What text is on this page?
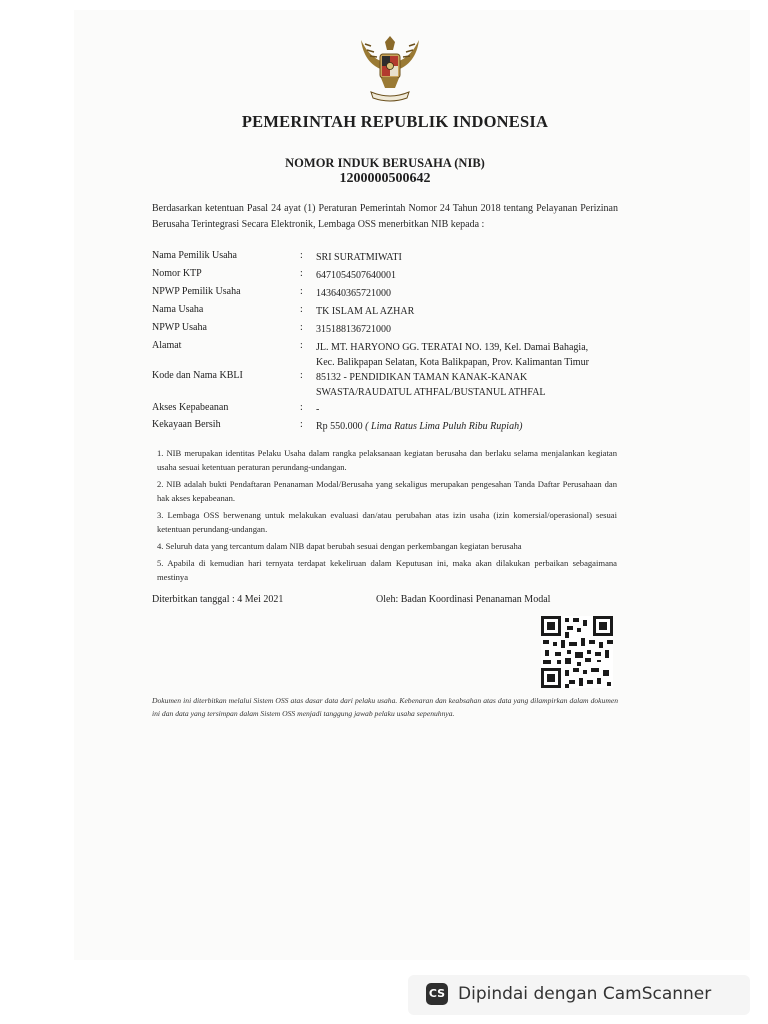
PEMERINTAH REPUBLIK INDONESIA
NOMOR INDUK BERUSAHA (NIB)
1200000500642
Berdasarkan ketentuan Pasal 24 ayat (1) Peraturan Pemerintah Nomor 24 Tahun 2018 tentang Pelayanan Perizinan Berusaha Terintegrasi Secara Elektronik, Lembaga OSS menerbitkan NIB kepada :
Nama Pemilik Usaha	: SRI SURATMIWATI
Nomor KTP	: 6471054507640001
NPWP Pemilik Usaha	: 143640365721000
Nama Usaha	: TK ISLAM AL AZHAR
NPWP Usaha	: 315188136721000
Alamat	: JL. MT. HARYONO GG. TERATAI NO. 139, Kel. Damai Bahagia,
Kec. Balikpapan Selatan, Kota Balikpapan, Prov. Kalimantan Timur
Kode dan Nama KBLI	: 85132 - PENDIDIKAN TAMAN KANAK-KANAK
SWASTA/RAUDATUL ATHFAL/BUSTANUL ATHFAL
Akses Kepabeanan	: -
Kekayaan Bersih	: Rp 550.000 ( Lima Ratus Lima Puluh Ribu Rupiah)
1. NIB merupakan identitas Pelaku Usaha dalam rangka pelaksanaan kegiatan berusaha dan berlaku selama menjalankan kegiatan usaha sesuai ketentuan peraturan perundang-undangan.
2. NIB adalah bukti Pendaftaran Penanaman Modal/Berusaha yang sekaligus merupakan pengesahan Tanda Daftar Perusahaan dan hak akses kepabeanan.
3. Lembaga OSS berwenang untuk melakukan evaluasi dan/atau perubahan atas izin usaha (izin komersial/operasional) sesuai ketentuan perundang-undangan.
4. Seluruh data yang tercantum dalam NIB dapat berubah sesuai dengan perkembangan kegiatan berusaha
5. Apabila di kemudian hari ternyata terdapat kekeliruan dalam Keputusan ini, maka akan dilakukan perbaikan sebagaimana mestinya
Diterbitkan tanggal : 4 Mei 2021	Oleh: Badan Koordinasi Penanaman Modal
Dokumen ini diterbitkan melalui Sistem OSS atas dasar data dari pelaku usaha. Kebenaran dan keabsahan atas data yang dilampirkan dalam dokumen ini dan data yang tersimpan dalam Sistem OSS menjadi tanggung jawab pelaku usaha sepenuhnya.
CS Dipindai dengan CamScanner
